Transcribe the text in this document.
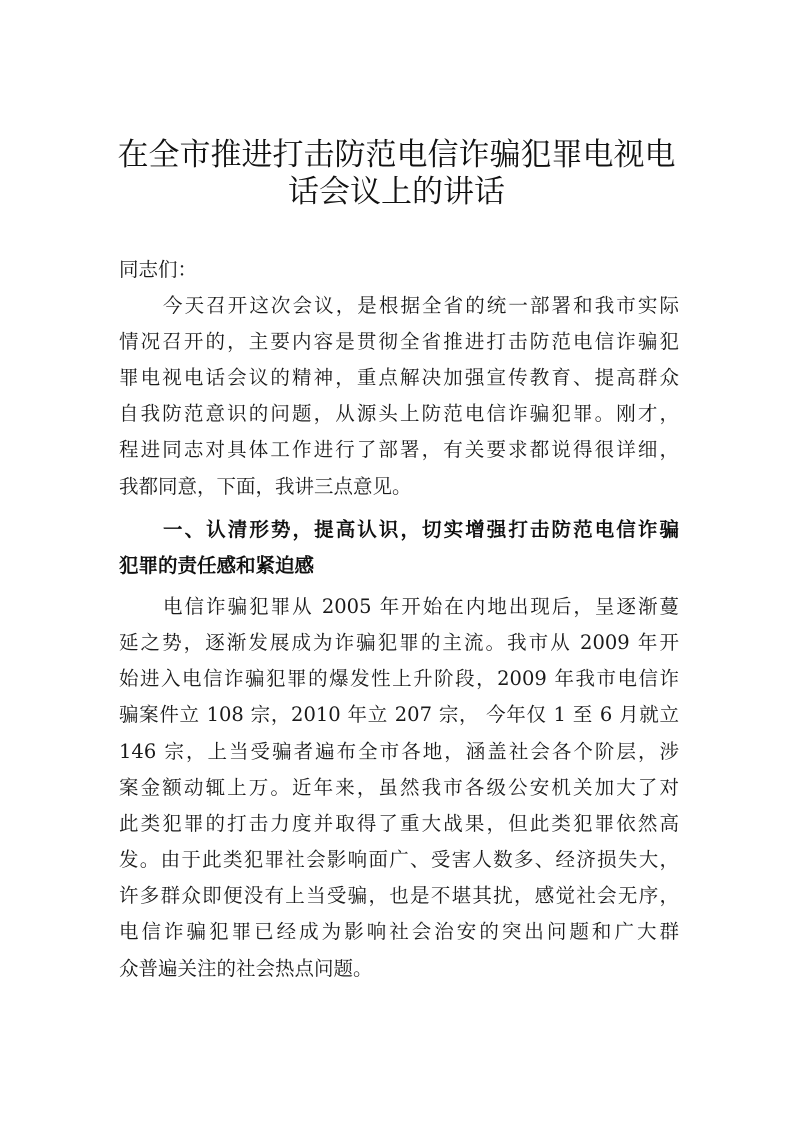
在全市推进打击防范电信诈骗犯罪电视电
话会议上的讲话
同志们：
今天召开这次会议，是根据全省的统一部署和我市实际
情况召开的，主要内容是贯彻全省推进打击防范电信诈骗犯
罪电视电话会议的精神，重点解决加强宣传教育、提高群众
自我防范意识的问题，从源头上防范电信诈骗犯罪。刚才，
程进同志对具体工作进行了部署，有关要求都说得很详细，
我都同意，下面，我讲三点意见。
一、认清形势，提高认识，切实增强打击防范电信诈骗
犯罪的责任感和紧迫感
电信诈骗犯罪从 2005 年开始在内地出现后，呈逐渐蔓
延之势，逐渐发展成为诈骗犯罪的主流。我市从 2009 年开
始进入电信诈骗犯罪的爆发性上升阶段，2009 年我市电信诈
骗案件立 108 宗，2010 年立 207 宗， 今年仅 1 至 6 月就立
146 宗，上当受骗者遍布全市各地，涵盖社会各个阶层，涉
案金额动辄上万。近年来，虽然我市各级公安机关加大了对
此类犯罪的打击力度并取得了重大战果，但此类犯罪依然高
发。由于此类犯罪社会影响面广、受害人数多、经济损失大，
许多群众即便没有上当受骗，也是不堪其扰，感觉社会无序，
电信诈骗犯罪已经成为影响社会治安的突出问题和广大群
众普遍关注的社会热点问题。
